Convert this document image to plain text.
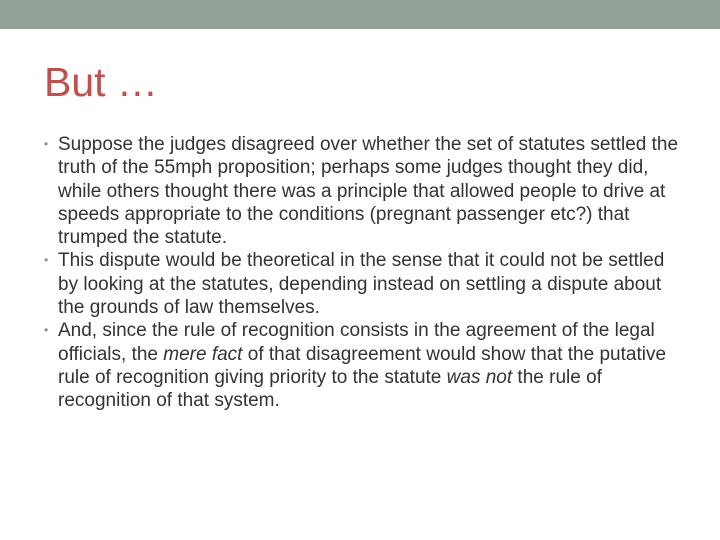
But …
• Suppose the judges disagreed over whether the set of statutes settled the truth of the 55mph proposition; perhaps some judges thought they did, while others thought there was a principle that allowed people to drive at speeds appropriate to the conditions (pregnant passenger etc?) that trumped the statute.
• This dispute would be theoretical in the sense that it could not be settled by looking at the statutes, depending instead on settling a dispute about the grounds of law themselves.
• And, since the rule of recognition consists in the agreement of the legal officials, the mere fact of that disagreement would show that the putative rule of recognition giving priority to the statute was not the rule of recognition of that system.
